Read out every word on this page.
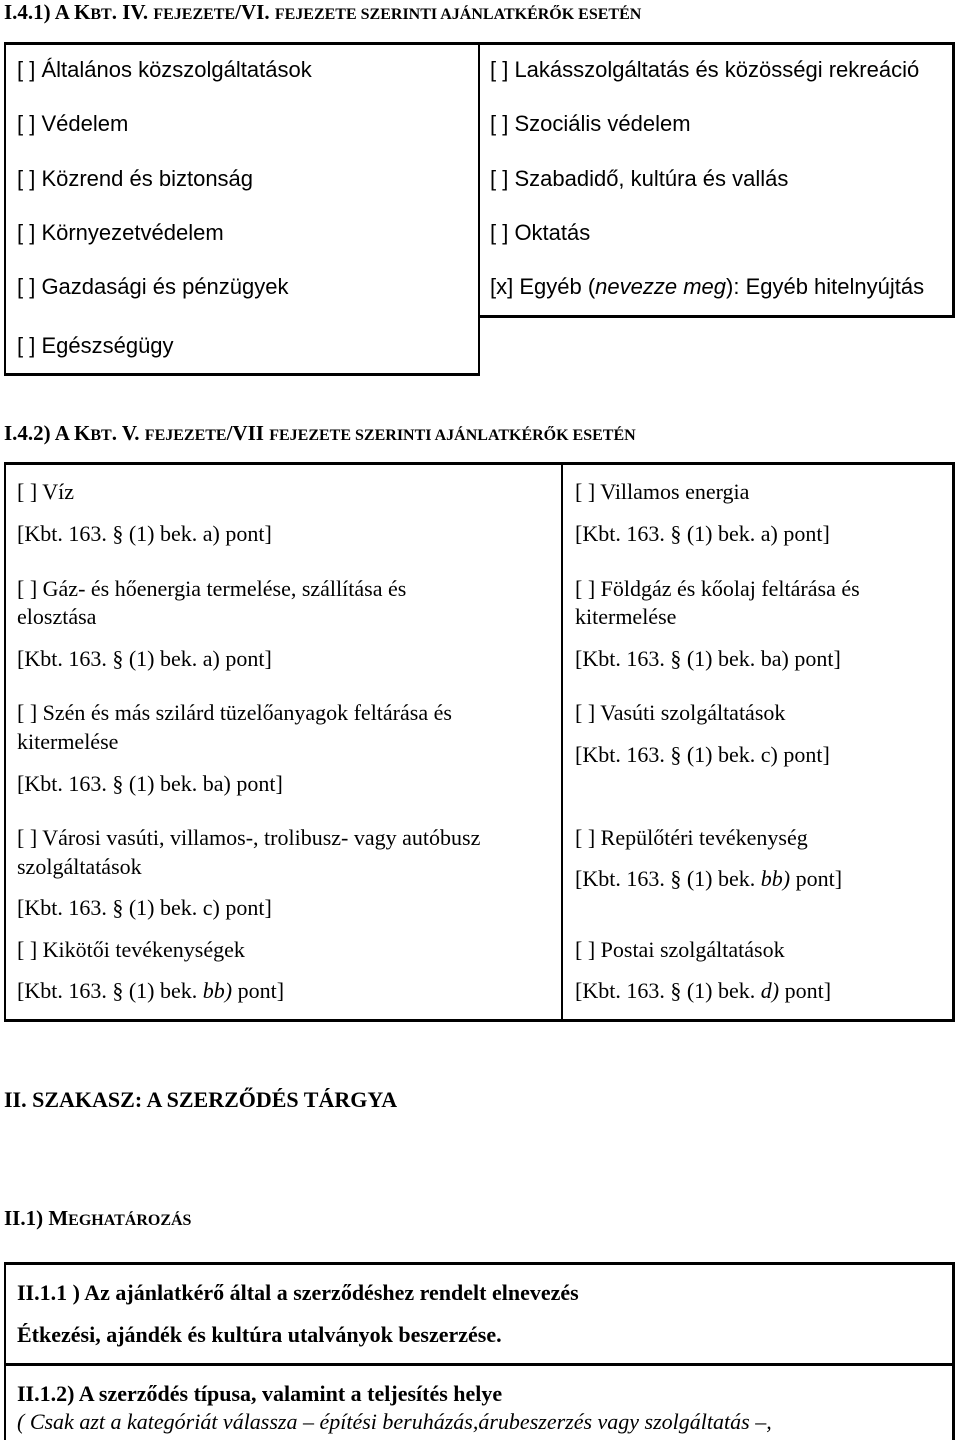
I.4.1) A KBT. IV. FEJEZETE/VI. FEJEZETE SZERINTI AJÁNLATKÉRŐK ESETÉN
[ ] Általános közszolgáltatások
[ ] Védelem
[ ] Közrend és biztonság
[ ] Környezetvédelem
[ ] Gazdasági és pénzügyek
[ ] Egészségügy
[ ] Lakásszolgáltatás és közösségi rekreáció
[ ] Szociális védelem
[ ] Szabadidő, kultúra és vallás
[ ] Oktatás
[x] Egyéb (nevezze meg): Egyéb hitelnyújtás
I.4.2) A KBT. V. FEJEZETE/VII FEJEZETE SZERINTI AJÁNLATKÉRŐK ESETÉN
[ ] Víz
[Kbt. 163. § (1) bek. a) pont]
[ ] Gáz- és hőenergia termelése, szállítása és
elosztása
[Kbt. 163. § (1) bek. a) pont]
[ ] Szén és más szilárd tüzelőanyagok feltárása és
kitermelése
[Kbt. 163. § (1) bek. ba) pont]
[ ] Városi vasúti, villamos-, trolibusz- vagy autóbusz
szolgáltatások
[Kbt. 163. § (1) bek. c) pont]
[ ] Kikötői tevékenységek
[Kbt. 163. § (1) bek. bb) pont]
[ ] Villamos energia
[Kbt. 163. § (1) bek. a) pont]
[ ] Földgáz és kőolaj feltárása és
kitermelése
[Kbt. 163. § (1) bek. ba) pont]
[ ] Vasúti szolgáltatások
[Kbt. 163. § (1) bek. c) pont]
[ ] Repülőtéri tevékenység
[Kbt. 163. § (1) bek. bb) pont]
[ ] Postai szolgáltatások
[Kbt. 163. § (1) bek. d) pont]
II. SZAKASZ: A SZERZŐDÉS TÁRGYA
II.1) MEGHATÁROZÁS
II.1.1 ) Az ajánlatkérő által a szerződéshez rendelt elnevezés
Étkezési, ajándék és kultúra utalványok beszerzése.
II.1.2) A szerződés típusa, valamint a teljesítés helye
( Csak azt a kategóriát válassza – építési beruházás,árubeszerzés vagy szolgáltatás –,
